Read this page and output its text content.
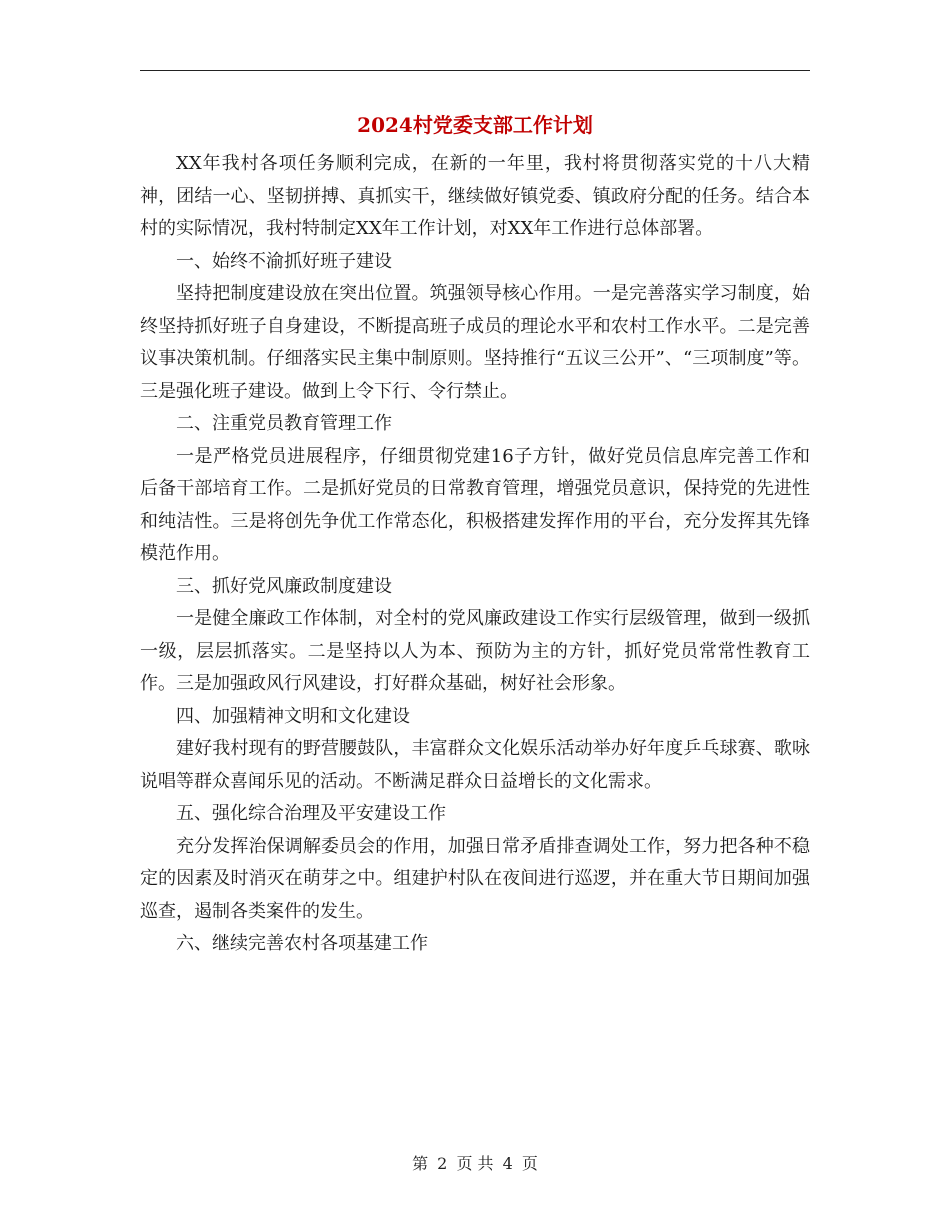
2024村党委支部工作计划

XX年我村各项任务顺利完成，在新的一年里，我村将贯彻落实党的十八大精神，团结一心、坚韧拼搏、真抓实干，继续做好镇党委、镇政府分配的任务。结合本村的实际情况，我村特制定XX年工作计划，对XX年工作进行总体部署。

一、始终不渝抓好班子建设

坚持把制度建设放在突出位置。筑强领导核心作用。一是完善落实学习制度，始终坚持抓好班子自身建设，不断提高班子成员的理论水平和农村工作水平。二是完善议事决策机制。仔细落实民主集中制原则。坚持推行“五议三公开”、“三项制度”等。三是强化班子建设。做到上令下行、令行禁止。

二、注重党员教育管理工作

一是严格党员进展程序，仔细贯彻党建16子方针，做好党员信息库完善工作和后备干部培育工作。二是抓好党员的日常教育管理，增强党员意识，保持党的先进性和纯洁性。三是将创先争优工作常态化，积极搭建发挥作用的平台，充分发挥其先锋模范作用。

三、抓好党风廉政制度建设

一是健全廉政工作体制，对全村的党风廉政建设工作实行层级管理，做到一级抓一级，层层抓落实。二是坚持以人为本、预防为主的方针，抓好党员常常性教育工作。三是加强政风行风建设，打好群众基础，树好社会形象。

四、加强精神文明和文化建设

建好我村现有的野营腰鼓队，丰富群众文化娱乐活动举办好年度乒乓球赛、歌咏说唱等群众喜闻乐见的活动。不断满足群众日益增长的文化需求。

五、强化综合治理及平安建设工作

充分发挥治保调解委员会的作用，加强日常矛盾排查调处工作，努力把各种不稳定的因素及时消灭在萌芽之中。组建护村队在夜间进行巡逻，并在重大节日期间加强巡查，遏制各类案件的发生。

六、继续完善农村各项基建工作

第 2 页 共 4 页
